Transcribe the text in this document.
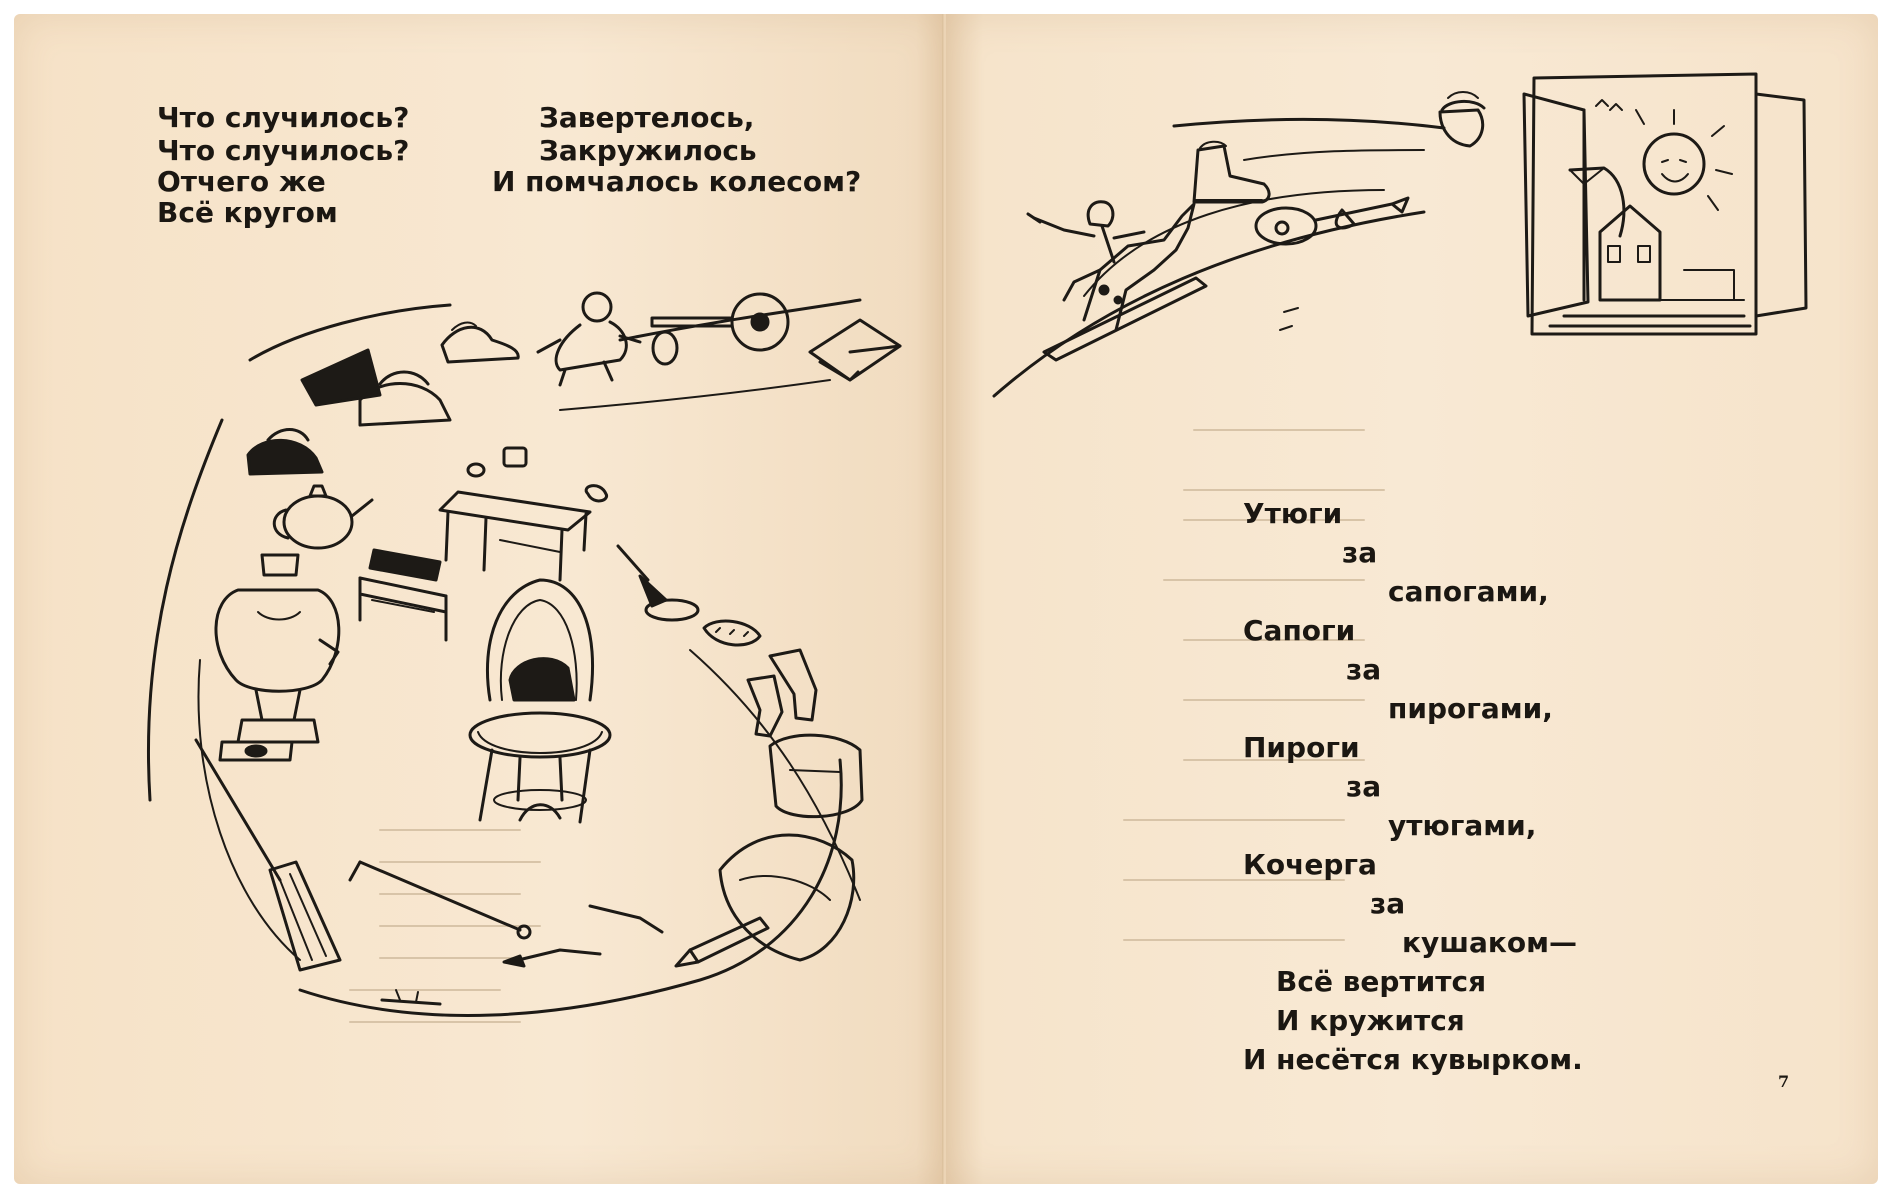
Что случилось?
Что случилось?
Отчего же
Всё кругом
Завертелось,
Закружилось
И помчалось колесом?
Утюги
за
сапогами,
Сапоги
за
пирогами,
Пироги
за
утюгами,
Кочерга
за
кушаком—
Всё вертится
И кружится
И несётся кувырком.
7
